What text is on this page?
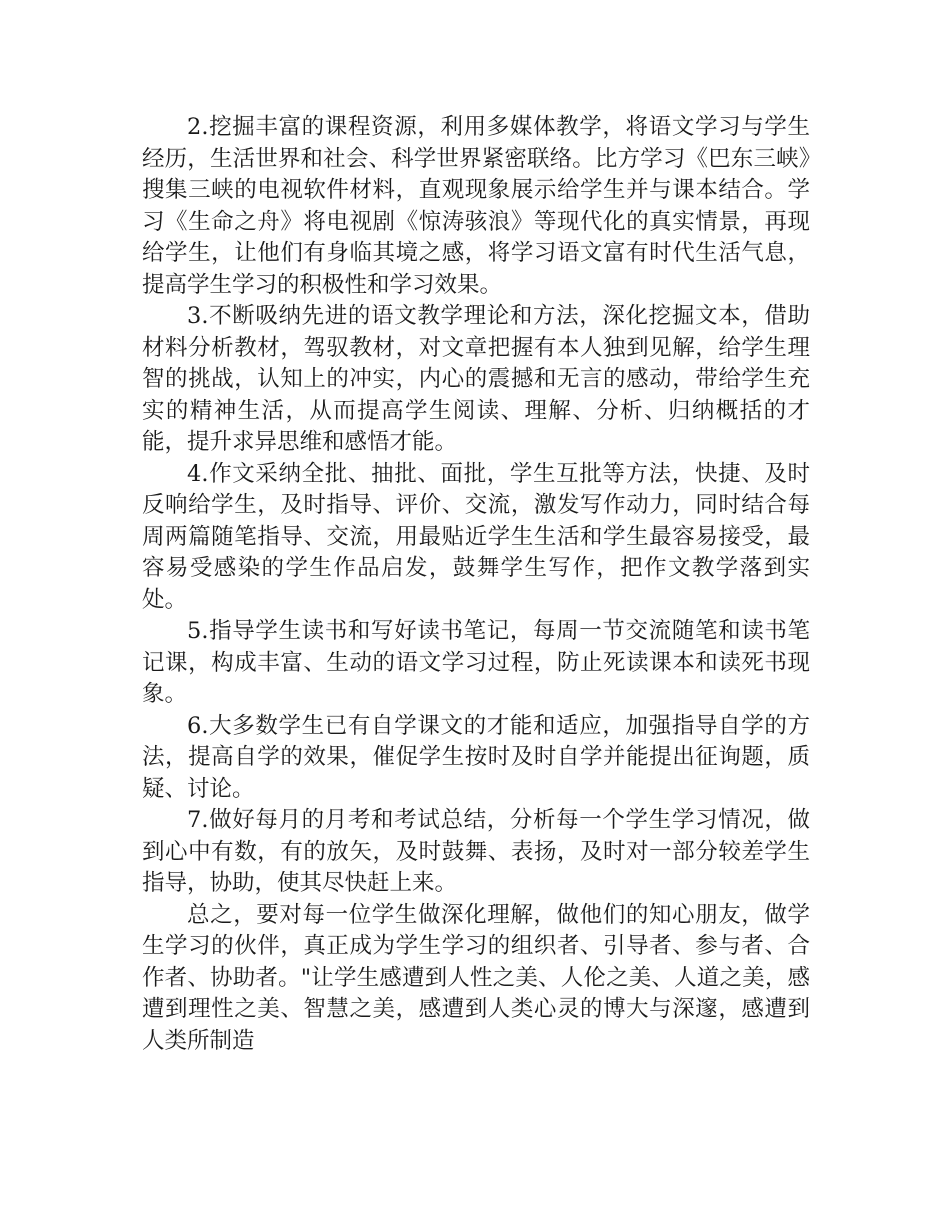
2.挖掘丰富的课程资源，利用多媒体教学，将语文学习与学生经历，生活世界和社会、科学世界紧密联络。比方学习《巴东三峡》搜集三峡的电视软件材料，直观现象展示给学生并与课本结合。学习《生命之舟》将电视剧《惊涛骇浪》等现代化的真实情景，再现给学生，让他们有身临其境之感，将学习语文富有时代生活气息，提高学生学习的积极性和学习效果。

3.不断吸纳先进的语文教学理论和方法，深化挖掘文本，借助材料分析教材，驾驭教材，对文章把握有本人独到见解，给学生理智的挑战，认知上的冲实，内心的震撼和无言的感动，带给学生充实的精神生活，从而提高学生阅读、理解、分析、归纳概括的才能，提升求异思维和感悟才能。

4.作文采纳全批、抽批、面批，学生互批等方法，快捷、及时反响给学生，及时指导、评价、交流，激发写作动力，同时结合每周两篇随笔指导、交流，用最贴近学生生活和学生最容易接受，最容易受感染的学生作品启发，鼓舞学生写作，把作文教学落到实处。

5.指导学生读书和写好读书笔记，每周一节交流随笔和读书笔记课，构成丰富、生动的语文学习过程，防止死读课本和读死书现象。

6.大多数学生已有自学课文的才能和适应，加强指导自学的方法，提高自学的效果，催促学生按时及时自学并能提出征询题，质疑、讨论。

7.做好每月的月考和考试总结，分析每一个学生学习情况，做到心中有数，有的放矢，及时鼓舞、表扬，及时对一部分较差学生指导，协助，使其尽快赶上来。

总之，要对每一位学生做深化理解，做他们的知心朋友，做学生学习的伙伴，真正成为学生学习的组织者、引导者、参与者、合作者、协助者。"让学生感遭到人性之美、人伦之美、人道之美，感遭到理性之美、智慧之美，感遭到人类心灵的博大与深邃，感遭到人类所制造
